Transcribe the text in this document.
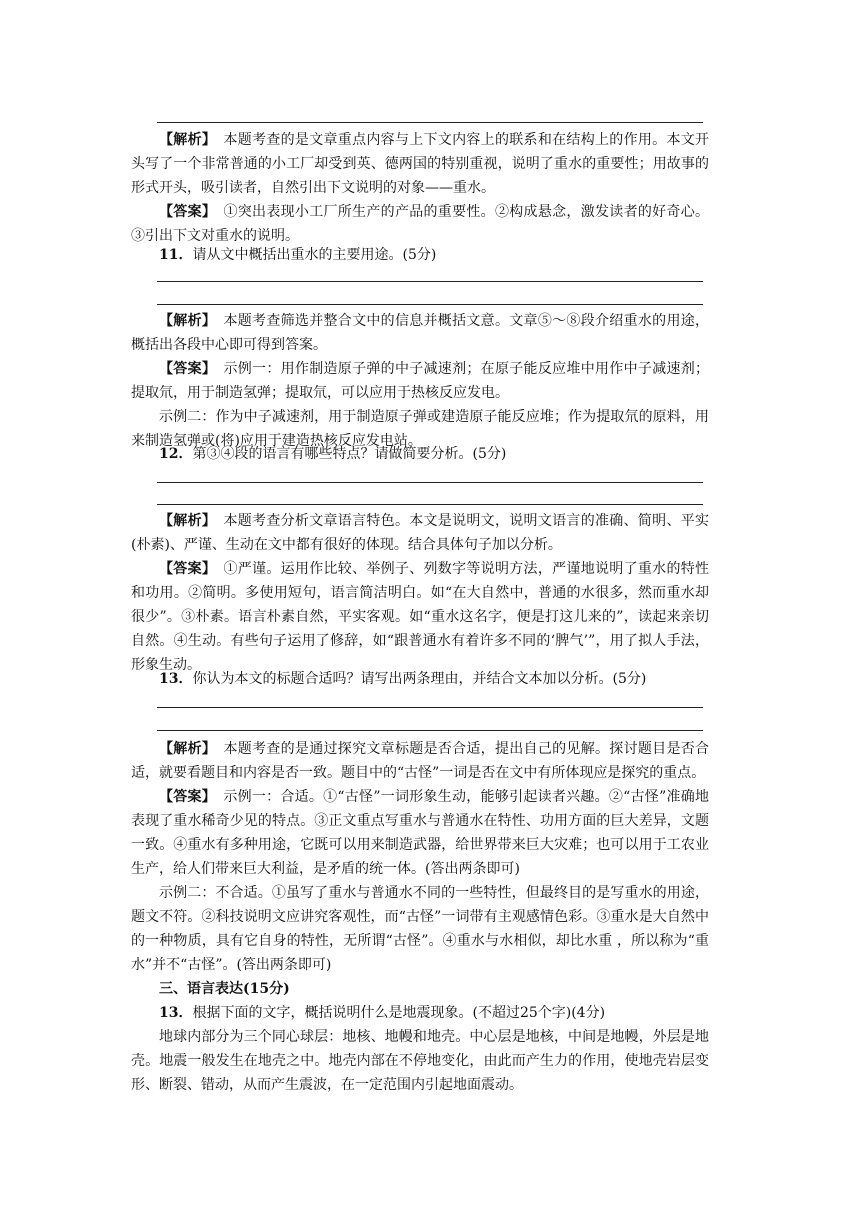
【解析】　 本题考查的是文章重点内容与上下文内容上的联系和在结构上的作用。本文开头写了一个非常普通的小工厂却受到英、德两国的特别重视，说明了重水的重要性；用故事的形式开头，吸引读者，自然引出下文说明的对象——重水。

【答案】　 ①突出表现小工厂所生产的产品的重要性。②构成悬念，激发读者的好奇心。③引出下文对重水的说明。

11．请从文中概括出重水的主要用途。(5分)

【解析】　 本题考查筛选并整合文中的信息并概括文意。文章⑤～⑧段介绍重水的用途，概括出各段中心即可得到答案。

【答案】　 示例一：用作制造原子弹的中子减速剂；在原子能反应堆中用作中子减速剂；提取氘，用于制造氢弹；提取氘，可以应用于热核反应发电。

示例二：作为中子减速剂，用于制造原子弹或建造原子能反应堆；作为提取氘的原料，用来制造氢弹或(将)应用于建造热核反应发电站。

12．第③④段的语言有哪些特点？请做简要分析。(5分)

【解析】　 本题考查分析文章语言特色。本文是说明文，说明文语言的准确、简明、平实(朴素)、严谨、生动在文中都有很好的体现。结合具体句子加以分析。

【答案】　 ①严谨。运用作比较、举例子、列数字等说明方法，严谨地说明了重水的特性和功用。②简明。多使用短句，语言简洁明白。如“在大自然中，普通的水很多，然而重水却很少”。③朴素。语言朴素自然，平实客观。如“重水这名字，便是打这儿来的”，读起来亲切自然。④生动。有些句子运用了修辞，如“跟普通水有着许多不同的‘脾气’”，用了拟人手法，形象生动。

13．你认为本文的标题合适吗？请写出两条理由，并结合文本加以分析。(5分)

【解析】　 本题考查的是通过探究文章标题是否合适，提出自己的见解。探讨题目是否合适，就要看题目和内容是否一致。题目中的“古怪”一词是否在文中有所体现应是探究的重点。

【答案】　 示例一：合适。①“古怪”一词形象生动，能够引起读者兴趣。②“古怪”准确地表现了重水稀奇少见的特点。③正文重点写重水与普通水在特性、功用方面的巨大差异，文题一致。④重水有多种用途，它既可以用来制造武器，给世界带来巨大灾难；也可以用于工农业生产，给人们带来巨大利益，是矛盾的统一体。(答出两条即可)

示例二：不合适。①虽写了重水与普通水不同的一些特性，但最终目的是写重水的用途，题文不符。②科技说明文应讲究客观性，而“古怪”一词带有主观感情色彩。③重水是大自然中的一种物质，具有它自身的特性，无所谓“古怪”。④重水与水相似，却比水重 ，所以称为“重水”并不“古怪”。(答出两条即可)

三、语言表达(15分)

13．根据下面的文字，概括说明什么是地震现象。(不超过25个字)(4分)

地球内部分为三个同心球层：地核、地幔和地壳。中心层是地核，中间是地幔，外层是地壳。地震一般发生在地壳之中。地壳内部在不停地变化，由此而产生力的作用，使地壳岩层变形、断裂、错动，从而产生震波，在一定范围内引起地面震动。
